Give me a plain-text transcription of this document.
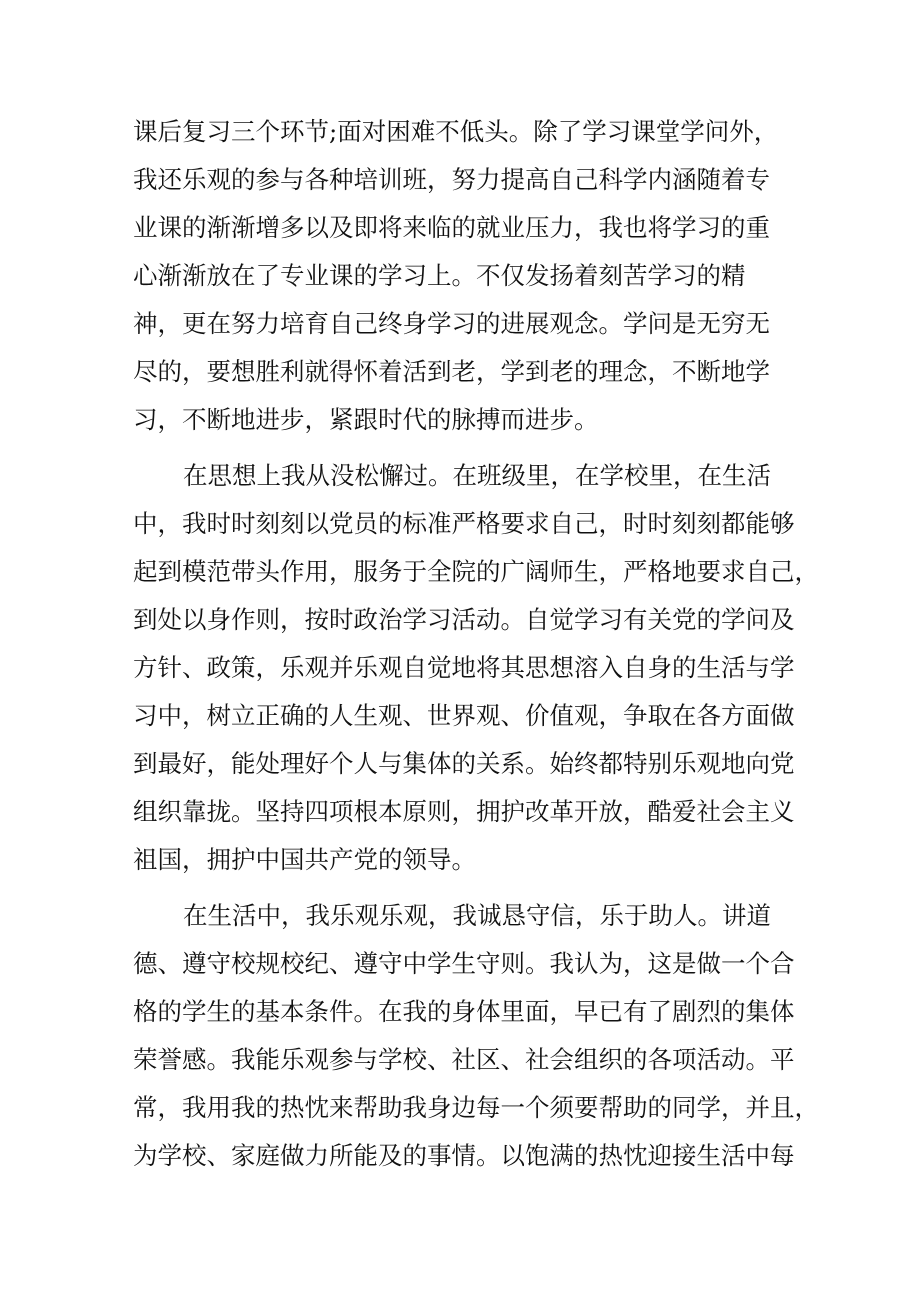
课后复习三个环节;面对困难不低头。除了学习课堂学问外，
我还乐观的参与各种培训班，努力提高自己科学内涵随着专
业课的渐渐增多以及即将来临的就业压力，我也将学习的重
心渐渐放在了专业课的学习上。不仅发扬着刻苦学习的精
神，更在努力培育自己终身学习的进展观念。学问是无穷无
尽的，要想胜利就得怀着活到老，学到老的理念，不断地学
习，不断地进步，紧跟时代的脉搏而进步。
在思想上我从没松懈过。在班级里，在学校里，在生活
中，我时时刻刻以党员的标准严格要求自己，时时刻刻都能够
起到模范带头作用，服务于全院的广阔师生，严格地要求自己，
到处以身作则，按时政治学习活动。自觉学习有关党的学问及
方针、政策，乐观并乐观自觉地将其思想溶入自身的生活与学
习中，树立正确的人生观、世界观、价值观，争取在各方面做
到最好，能处理好个人与集体的关系。始终都特别乐观地向党
组织靠拢。坚持四项根本原则，拥护改革开放，酷爱社会主义
祖国，拥护中国共产党的领导。
在生活中，我乐观乐观，我诚恳守信，乐于助人。讲道
德、遵守校规校纪、遵守中学生守则。我认为，这是做一个合
格的学生的基本条件。在我的身体里面，早已有了剧烈的集体
荣誉感。我能乐观参与学校、社区、社会组织的各项活动。平
常，我用我的热忱来帮助我身边每一个须要帮助的同学，并且，
为学校、家庭做力所能及的事情。以饱满的热忱迎接生活中每
